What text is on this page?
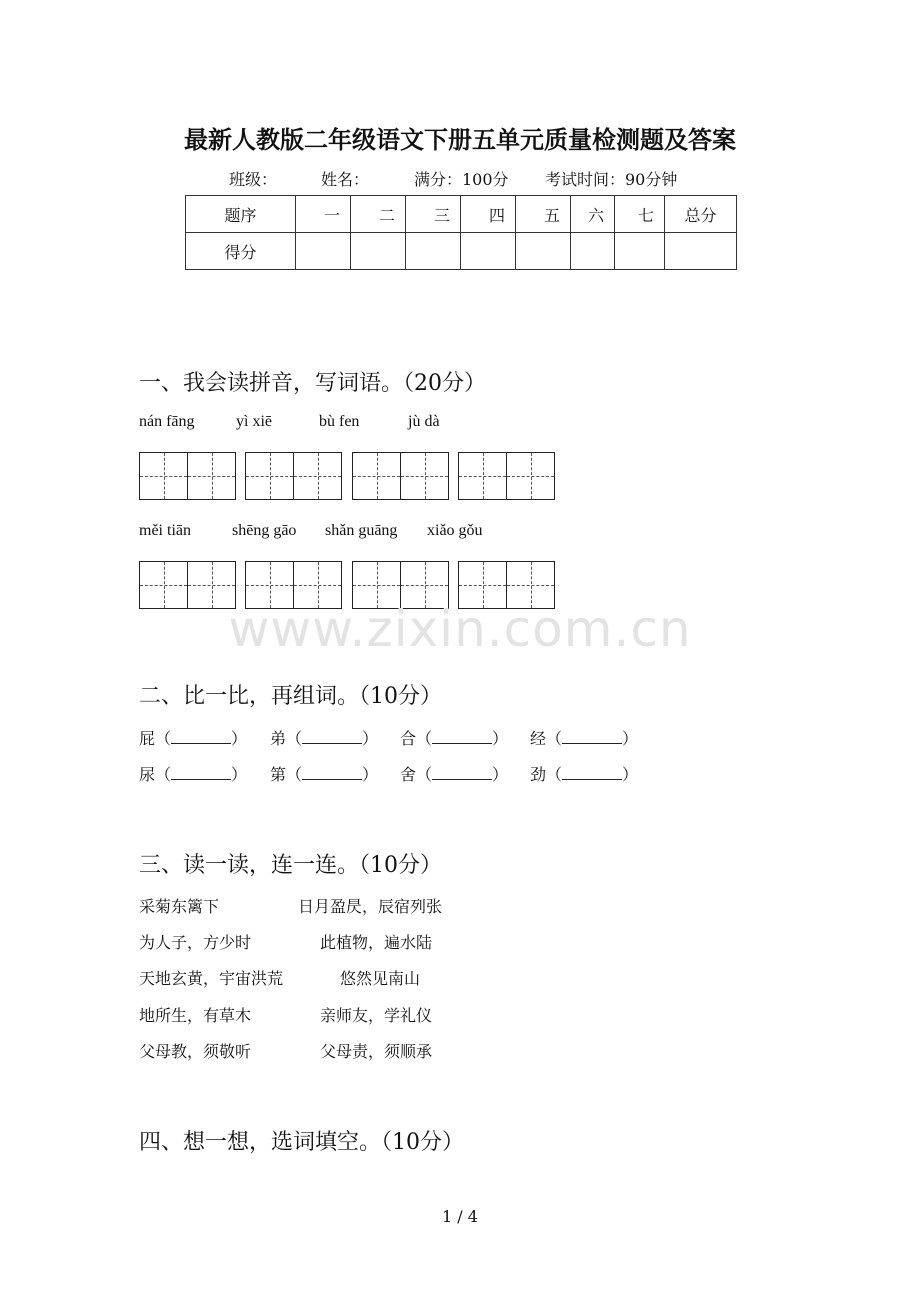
最新人教版二年级语文下册五单元质量检测题及答案
班级：	姓名：	满分：100分 考试时间：90分钟
题序	一	二	三	四	五	六	七	总分
得分								
一、我会读拼音，写词语。（20分）
nán fāng	yì xiē	bù fen	jù dà
měi tiān	shēng gāo shǎn guāng xiǎo gǒu
www.zixin.com.cn
二、比一比，再组词。（10分）
屁（	） 弟（	） 合（	） 经（	）
尿（	） 第（	） 舍（	） 劲（	）
三、读一读，连一连。（10分）
采菊东篱下	日月盈昃，辰宿列张
为人子，方少时	此植物，遍水陆
天地玄黄，宇宙洪荒	悠然见南山
地所生，有草木	亲师友，学礼仪
父母教，须敬听	父母责，须顺承
四、想一想，选词填空。（10分）
1 / 4
